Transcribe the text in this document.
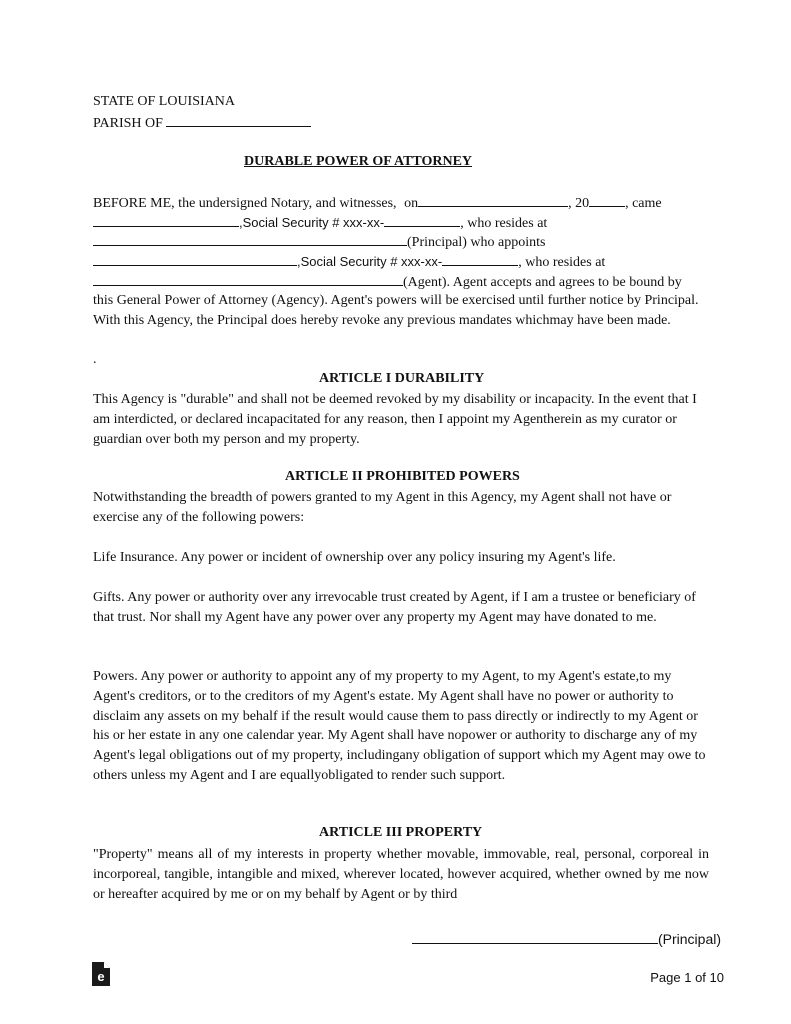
STATE OF LOUISIANA
PARISH OF
DURABLE POWER OF ATTORNEY
BEFORE ME, the undersigned Notary, and witnesses, on	, 20	, came
,Social Security # xxx-xx-	, who resides at
(Principal) who appoints
,Social Security # xxx-xx-	, who resides at
(Agent). Agent accepts and agrees to be bound by

this General Power of Attorney (Agency). Agent's powers will be exercised until further notice by Principal. With this Agency, the Principal does hereby revoke any previous mandates whichmay have been made.

.
ARTICLE I DURABILITY

This Agency is "durable" and shall not be deemed revoked by my disability or incapacity. In the event that I am interdicted, or declared incapacitated for any reason, then I appoint my Agentherein as my curator or guardian over both my person and my property.

ARTICLE II PROHIBITED POWERS

Notwithstanding the breadth of powers granted to my Agent in this Agency, my Agent shall not have or exercise any of the following powers:

Life Insurance. Any power or incident of ownership over any policy insuring my Agent's life.

Gifts. Any power or authority over any irrevocable trust created by Agent, if I am a trustee or beneficiary of that trust. Nor shall my Agent have any power over any property my Agent may have donated to me.

Powers. Any power or authority to appoint any of my property to my Agent, to my Agent's estate,to my Agent's creditors, or to the creditors of my Agent's estate. My Agent shall have no power or authority to disclaim any assets on my behalf if the result would cause them to pass directly or indirectly to my Agent or his or her estate in any one calendar year. My Agent shall have nopower or authority to discharge any of my Agent's legal obligations out of my property, includingany obligation of support which my Agent may owe to others unless my Agent and I are equallyobligated to render such support.

ARTICLE III PROPERTY

"Property" means all of my interests in property whether movable, immovable, real, personal, corporeal in incorporeal, tangible, intangible and mixed, wherever located, however acquired, whether owned by me now or hereafter acquired by me or on my behalf by Agent or by third

(Principal)
e	Page 1 of 10
